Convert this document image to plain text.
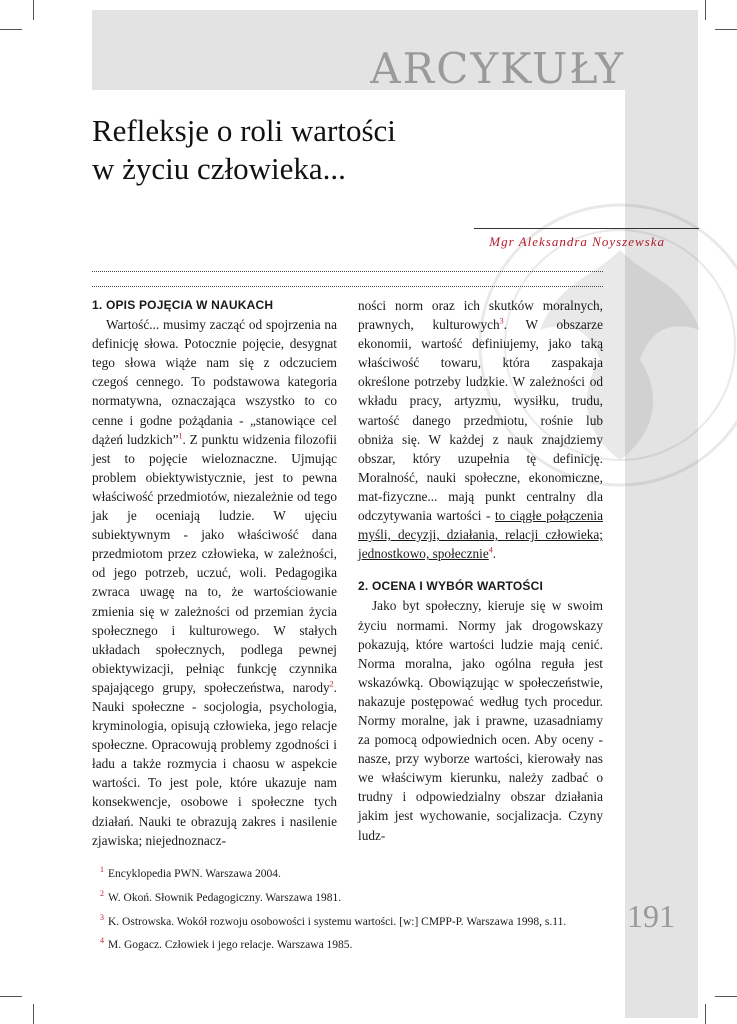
ARCYKUŁY
Refleksje o roli wartości
w życiu człowieka...
Mgr Aleksandra Noyszewska
1. OPIS POJĘCIA W NAUKACH

Wartość... musimy zacząć od spojrzenia na definicję słowa. Potocznie pojęcie, desygnat tego słowa wiąże nam się z odczuciem czegoś cennego. To podstawowa kategoria normatywna, oznaczająca wszystko to co cenne i godne pożądania - „stanowiące cel dążeń ludzkich”$^1$. Z punktu widzenia filozofii jest to pojęcie wieloznaczne. Ujmując problem obiektywistycznie, jest to pewna właściwość przedmiotów, niezależnie od tego jak je oceniają ludzie. W ujęciu subiektywnym - jako właściwość dana przedmiotom przez człowieka, w zależności, od jego potrzeb, uczuć, woli. Pedagogika zwraca uwagę na to, że wartościowanie zmienia się w zależności od przemian życia społecznego i kulturowego. W stałych układach społecznych, podlega pewnej obiektywizacji, pełniąc funkcję czynnika spajającego grupy, społeczeństwa, narody$^2$. Nauki społeczne - socjologia, psychologia, kryminologia, opisują człowieka, jego relacje społeczne. Opracowują problemy zgodności i ładu a także rozmycia i chaosu w aspekcie wartości. To jest pole, które ukazuje nam konsekwencje, osobowe i społeczne tych działań. Nauki te obrazują zakres i nasilenie zjawiska; niejednoznacz-

ności norm oraz ich skutków moralnych, prawnych, kulturowych$^3$. W obszarze ekonomii, wartość definiujemy, jako taką właściwość towaru, która zaspakaja określone potrzeby ludzkie. W zależności od wkładu pracy, artyzmu, wysiłku, trudu, wartość danego przedmiotu, rośnie lub obniża się. W każdej z nauk znajdziemy obszar, który uzupełnia tę definicję. Moralność, nauki społeczne, ekonomiczne, mat-fizyczne... mają punkt centralny dla odczytywania wartości - to ciągłe połączenia myśli, decyzji, działania, relacji człowieka; jednostkowo, społecznie$^4$.

2. OCENA I WYBÓR WARTOŚCI

Jako byt społeczny, kieruje się w swoim życiu normami. Normy jak drogowskazy pokazują, które wartości ludzie mają cenić. Norma moralna, jako ogólna reguła jest wskazówką. Obowiązując w społeczeństwie, nakazuje postępować według tych procedur. Normy moralne, jak i prawne, uzasadniamy za pomocą odpowiednich ocen. Aby oceny - nasze, przy wyborze wartości, kierowały nas we właściwym kierunku, należy zadbać o trudny i odpowiedzialny obszar działania jakim jest wychowanie, socjalizacja. Czyny ludz-

$^1$ Encyklopedia PWN. Warszawa 2004.
$^2$ W. Okoń. Słownik Pedagogiczny. Warszawa 1981.
$^3$ K. Ostrowska. Wokół rozwoju osobowości i systemu wartości. [w:] CMPP-P. Warszawa 1998, s.11.
$^4$ M. Gogacz. Człowiek i jego relacje. Warszawa 1985.
191
